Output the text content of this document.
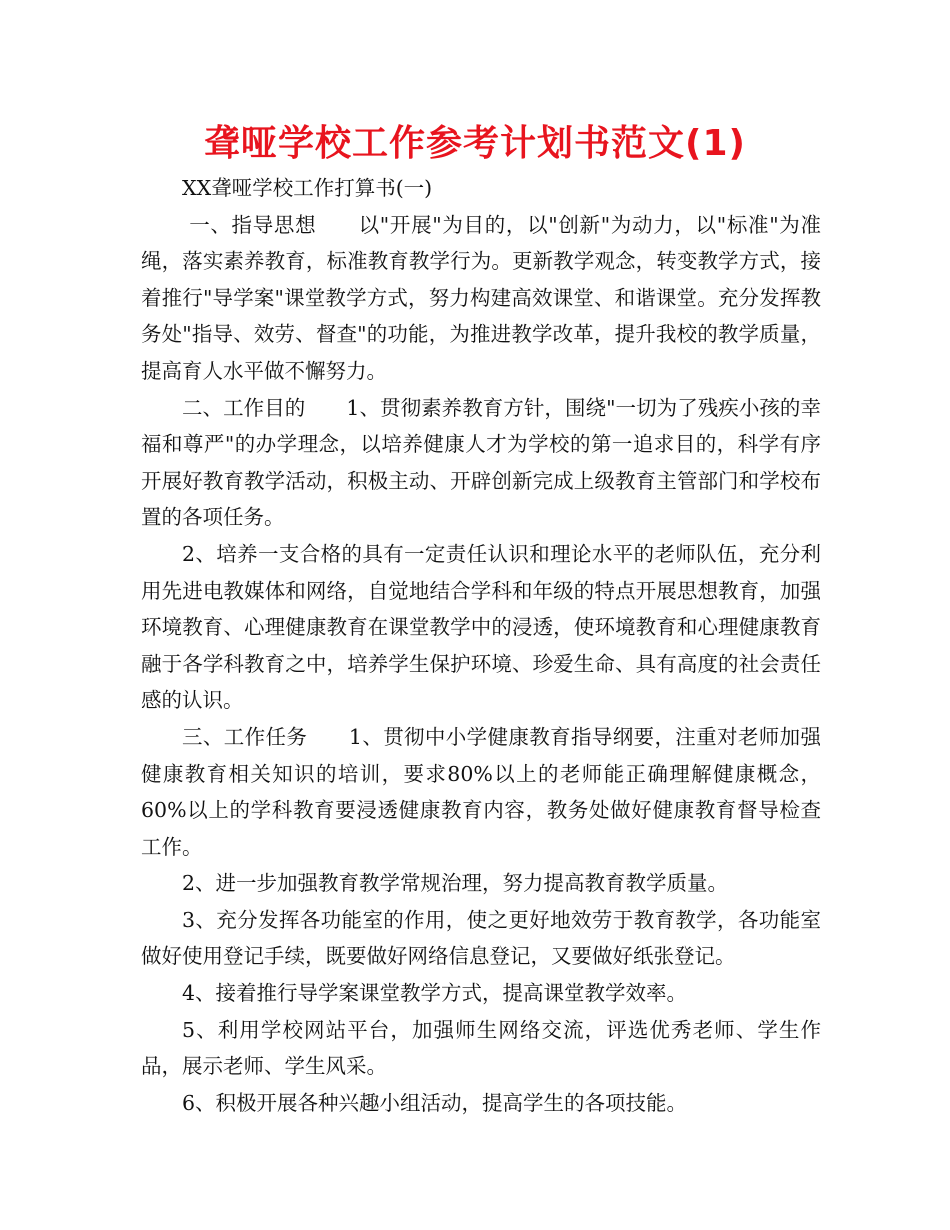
聋哑学校工作参考计划书范文(1)

XX聋哑学校工作打算书(一)

一、指导思想　　以"开展"为目的，以"创新"为动力，以"标准"为准绳，落实素养教育，标准教育教学行为。更新教学观念，转变教学方式，接着推行"导学案"课堂教学方式，努力构建高效课堂、和谐课堂。充分发挥教务处"指导、效劳、督查"的功能，为推进教学改革，提升我校的教学质量，提高育人水平做不懈努力。

二、工作目的　　1、贯彻素养教育方针，围绕"一切为了残疾小孩的幸福和尊严"的办学理念，以培养健康人才为学校的第一追求目的，科学有序开展好教育教学活动，积极主动、开辟创新完成上级教育主管部门和学校布置的各项任务。

2、培养一支合格的具有一定责任认识和理论水平的老师队伍，充分利用先进电教媒体和网络，自觉地结合学科和年级的特点开展思想教育，加强环境教育、心理健康教育在课堂教学中的浸透，使环境教育和心理健康教育融于各学科教育之中，培养学生保护环境、珍爱生命、具有高度的社会责任感的认识。

三、工作任务　　1、贯彻中小学健康教育指导纲要，注重对老师加强健康教育相关知识的培训，要求80%以上的老师能正确理解健康概念，60%以上的学科教育要浸透健康教育内容，教务处做好健康教育督导检查工作。

2、进一步加强教育教学常规治理，努力提高教育教学质量。

3、充分发挥各功能室的作用，使之更好地效劳于教育教学，各功能室做好使用登记手续，既要做好网络信息登记，又要做好纸张登记。

4、接着推行导学案课堂教学方式，提高课堂教学效率。

5、利用学校网站平台，加强师生网络交流，评选优秀老师、学生作品，展示老师、学生风采。

6、积极开展各种兴趣小组活动，提高学生的各项技能。
